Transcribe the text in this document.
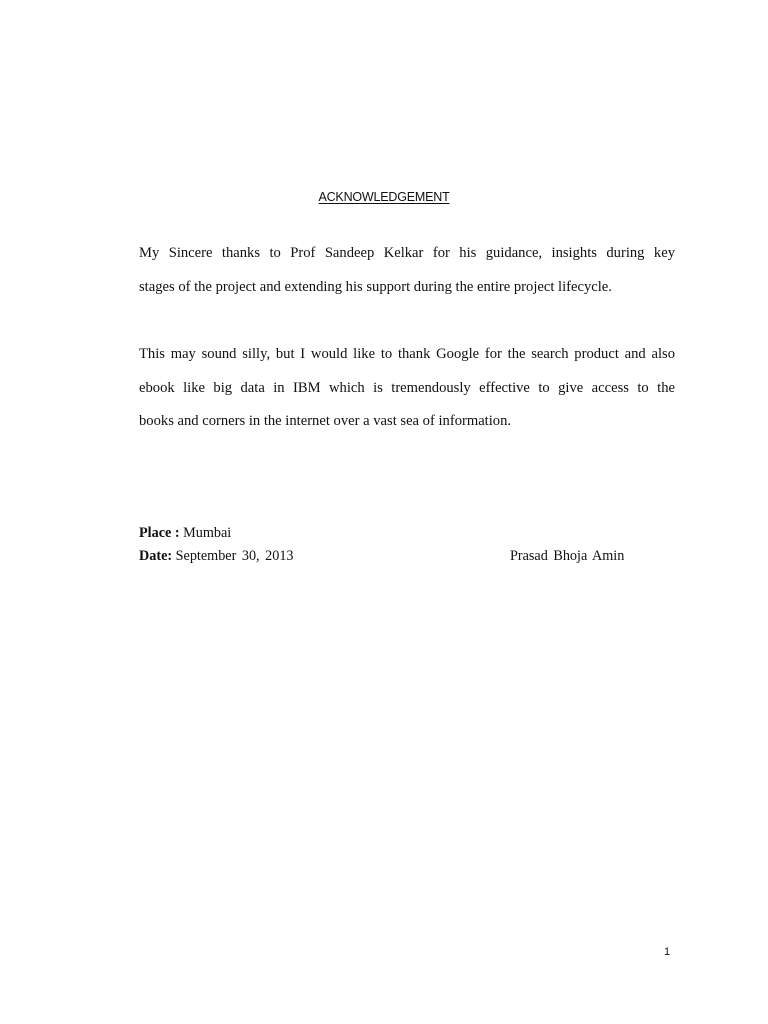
ACKNOWLEDGEMENT

My Sincere thanks to Prof Sandeep Kelkar for his guidance, insights during key
stages of the project and extending his support during the entire project lifecycle.

This may sound silly, but I would like to thank Google for the search product and also
ebook like big data in IBM which is tremendously effective to give access to the
books and corners in the internet over a vast sea of information.

Place : Mumbai

Date: September 30, 2013	Prasad Bhoja Amin
1
